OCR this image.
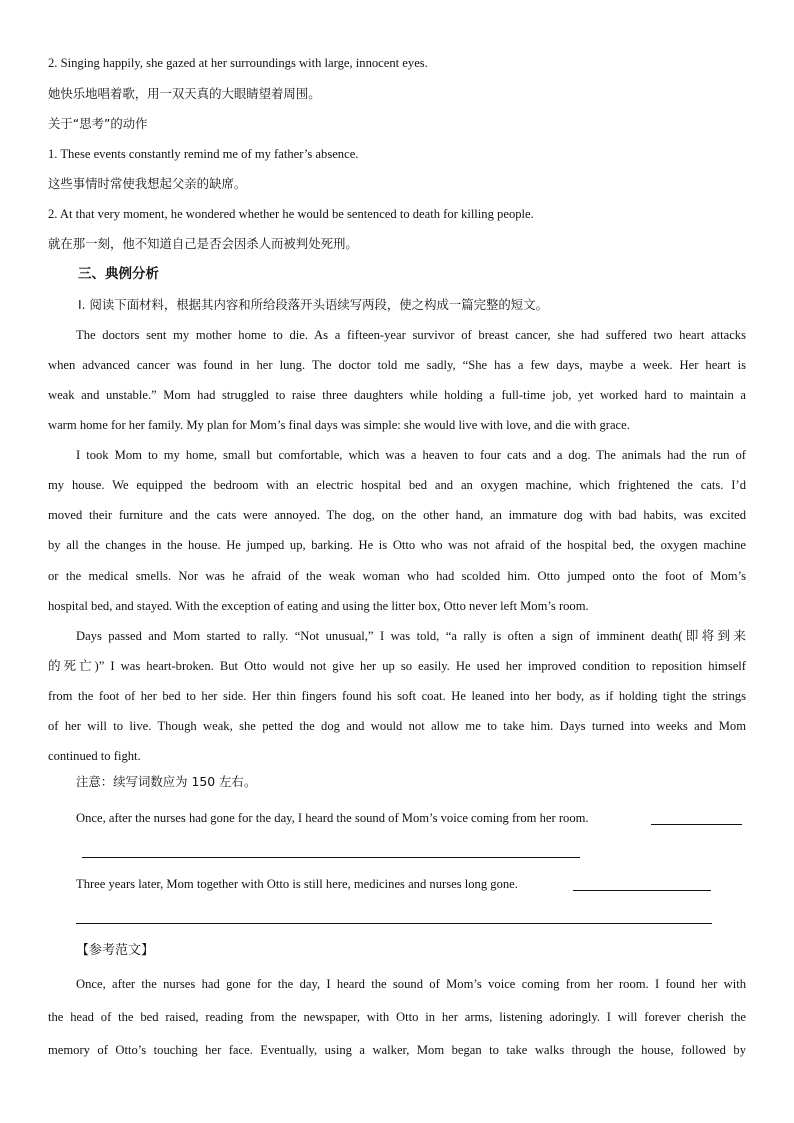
2. Singing happily, she gazed at her surroundings with large, innocent eyes.
她快乐地唱着歌，用一双天真的大眼睛望着周围。
关于“思考”的动作
1. These events constantly remind me of my father’s absence.
这些事情时常使我想起父亲的缺席。
2. At that very moment, he wondered whether he would be sentenced to death for killing people.
就在那一刻，他不知道自己是否会因杀人而被判处死刑。
三、典例分析
Ⅰ. 阅读下面材料，根据其内容和所给段落开头语续写两段，使之构成一篇完整的短文。
The doctors sent my mother home to die. As a fifteen-year survivor of breast cancer, she had suffered two heart attacks
when advanced cancer was found in her lung. The doctor told me sadly, “She has a few days, maybe a week. Her heart is
weak and unstable.” Mom had struggled to raise three daughters while holding a full-time job, yet worked hard to maintain a
warm home for her family. My plan for Mom’s final days was simple: she would live with love, and die with grace.
I took Mom to my home, small but comfortable, which was a heaven to four cats and a dog. The animals had the run of
my house. We equipped the bedroom with an electric hospital bed and an oxygen machine, which frightened the cats. I’d
moved their furniture and the cats were annoyed. The dog, on the other hand, an immature dog with bad habits, was excited
by all the changes in the house. He jumped up, barking. He is Otto who was not afraid of the hospital bed, the oxygen machine
or the medical smells. Nor was he afraid of the weak woman who had scolded him. Otto jumped onto the foot of Mom’s
hospital bed, and stayed. With the exception of eating and using the litter box, Otto never left Mom’s room.
Days passed and Mom started to rally. “Not unusual,” I was told, “a rally is often a sign of imminent death(即将到来
的死亡)” I was heart-broken. But Otto would not give her up so easily. He used her improved condition to reposition himself
from the foot of her bed to her side. Her thin fingers found his soft coat. He leaned into her body, as if holding tight the strings
of her will to live. Though weak, she petted the dog and would not allow me to take him. Days turned into weeks and Mom
continued to fight.
注意：续写词数应为 150 左右。
Once, after the nurses had gone for the day, I heard the sound of Mom’s voice coming from her room.
Three years later, Mom together with Otto is still here, medicines and nurses long gone.
【参考范文】
Once, after the nurses had gone for the day, I heard the sound of Mom’s voice coming from her room. I found her with
the head of the bed raised, reading from the newspaper, with Otto in her arms, listening adoringly. I will forever cherish the
memory of Otto’s touching her face. Eventually, using a walker, Mom began to take walks through the house, followed by
